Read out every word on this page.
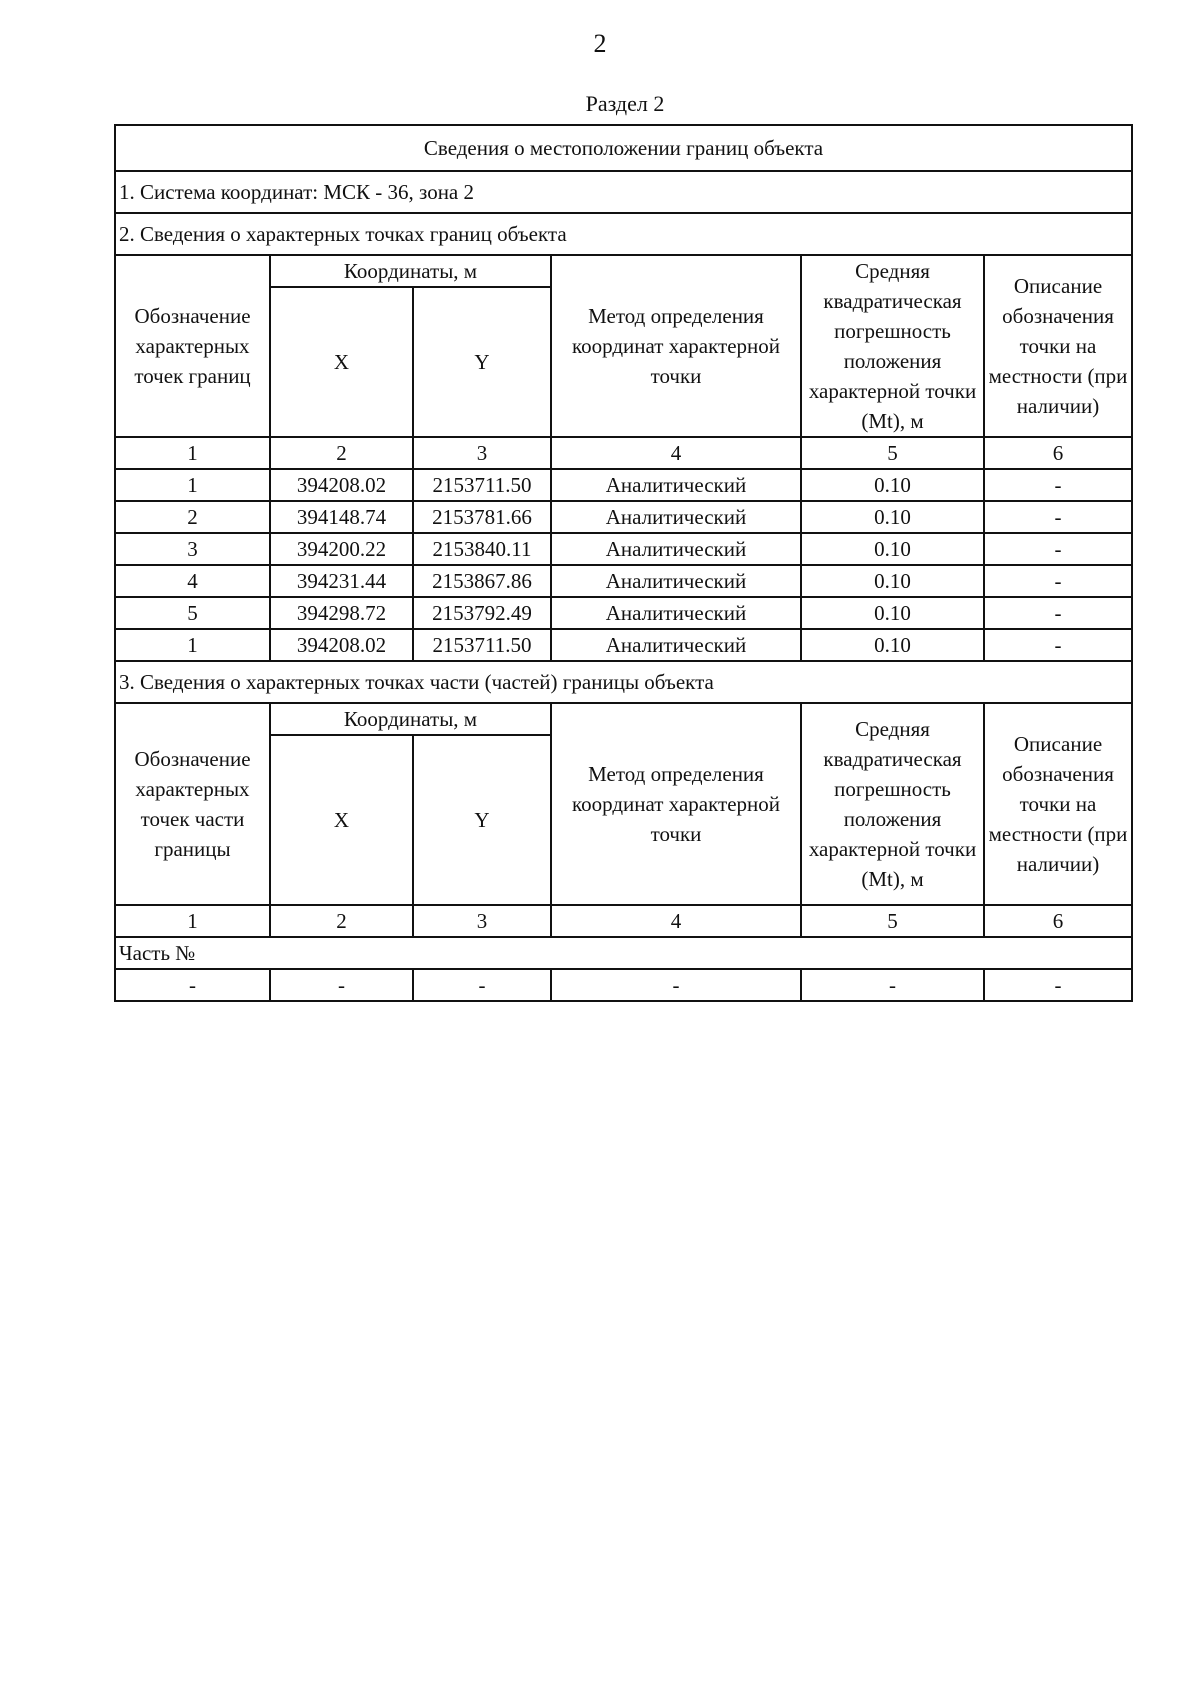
2
Раздел 2
Сведения о местоположении границ объекта					
1. Система координат: МСК - 36, зона 2					
2. Сведения о характерных точках границ объекта					
Обозначение характерных точек границ	Координаты, м		Метод определения координат характерной точки	Средняя квадратическая погрешность положения характерной точки (Mt), м	Описание обозначения точки на местности (при наличии)
	X	Y			
1	2	3	4	5	6
1	394208.02	2153711.50	Аналитический	0.10	-
2	394148.74	2153781.66	Аналитический	0.10	-
3	394200.22	2153840.11	Аналитический	0.10	-
4	394231.44	2153867.86	Аналитический	0.10	-
5	394298.72	2153792.49	Аналитический	0.10	-
1	394208.02	2153711.50	Аналитический	0.10	-
3. Сведения о характерных точках части (частей) границы объекта					
Обозначение характерных точек части границы	Координаты, м		Метод определения координат характерной точки	Средняя квадратическая погрешность положения характерной точки (Mt), м	Описание обозначения точки на местности (при наличии)
	X	Y			
1	2	3	4	5	6
Часть №					
-	-	-	-	-	-
